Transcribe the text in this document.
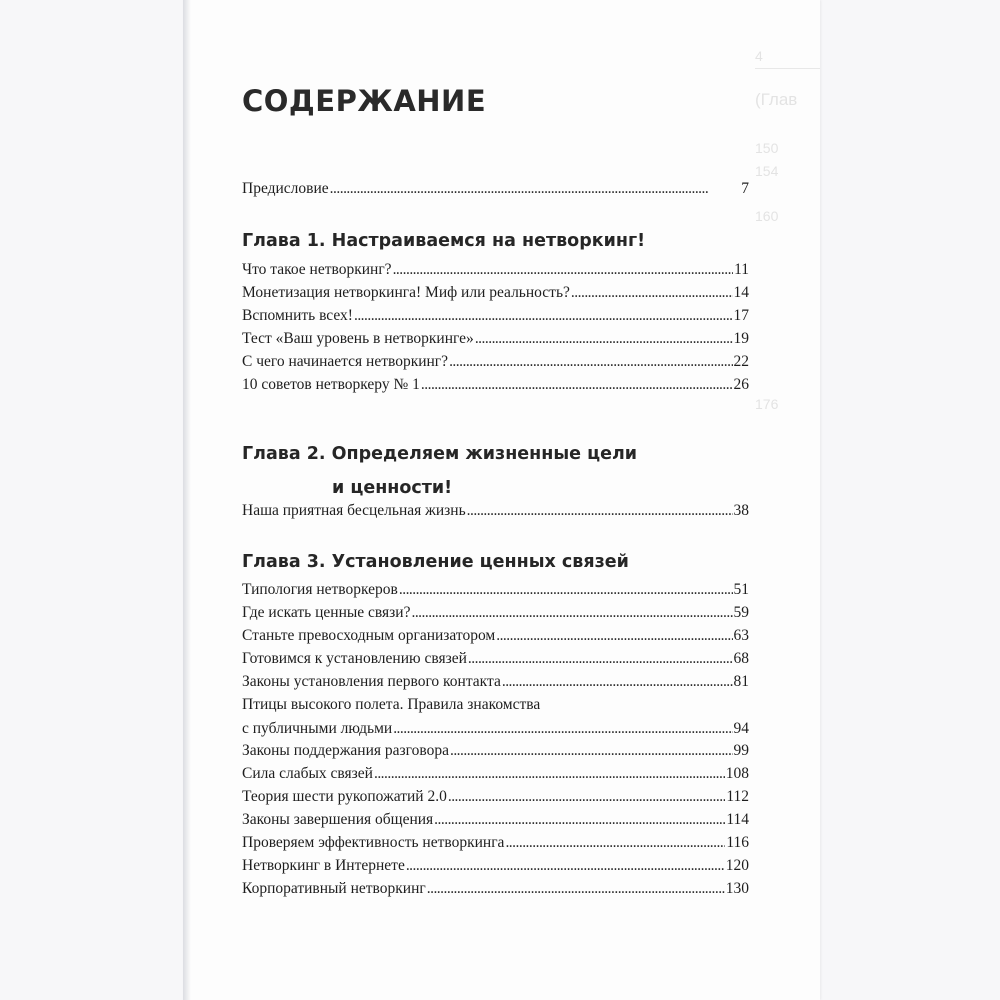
4
(Глав
150
154
160
176
СОДЕРЖАНИЕ
Предисловие . . .	7
Глава 1. Настраиваемся на нетворкинг!
Что такое нетворкинг? . . .	11
Монетизация нетворкинга! Миф или реальность? . . .	14
Вспомнить всех! . . .	17
Тест «Ваш уровень в нетворкинге» . . .	19
С чего начинается нетворкинг? . . .	22
10 советов нетворкеру № 1 . . .	26
Глава 2. Определяем жизненные цели
и ценности!
Наша приятная бесцельная жизнь . . .	38
Глава 3. Установление ценных связей
Типология нетворкеров . . .	51
Где искать ценные связи? . . .	59
Станьте превосходным организатором . . .	63
Готовимся к установлению связей . . .	68
Законы установления первого контакта . . .	81
Птицы высокого полета. Правила знакомства
с публичными людьми . . .	94
Законы поддержания разговора . . .	99
Сила слабых связей . . .	108
Теория шести рукопожатий 2.0 . . .	112
Законы завершения общения . . .	114
Проверяем эффективность нетворкинга . . .	116
Нетворкинг в Интернете . . .	120
Корпоративный нетворкинг . . .	130
